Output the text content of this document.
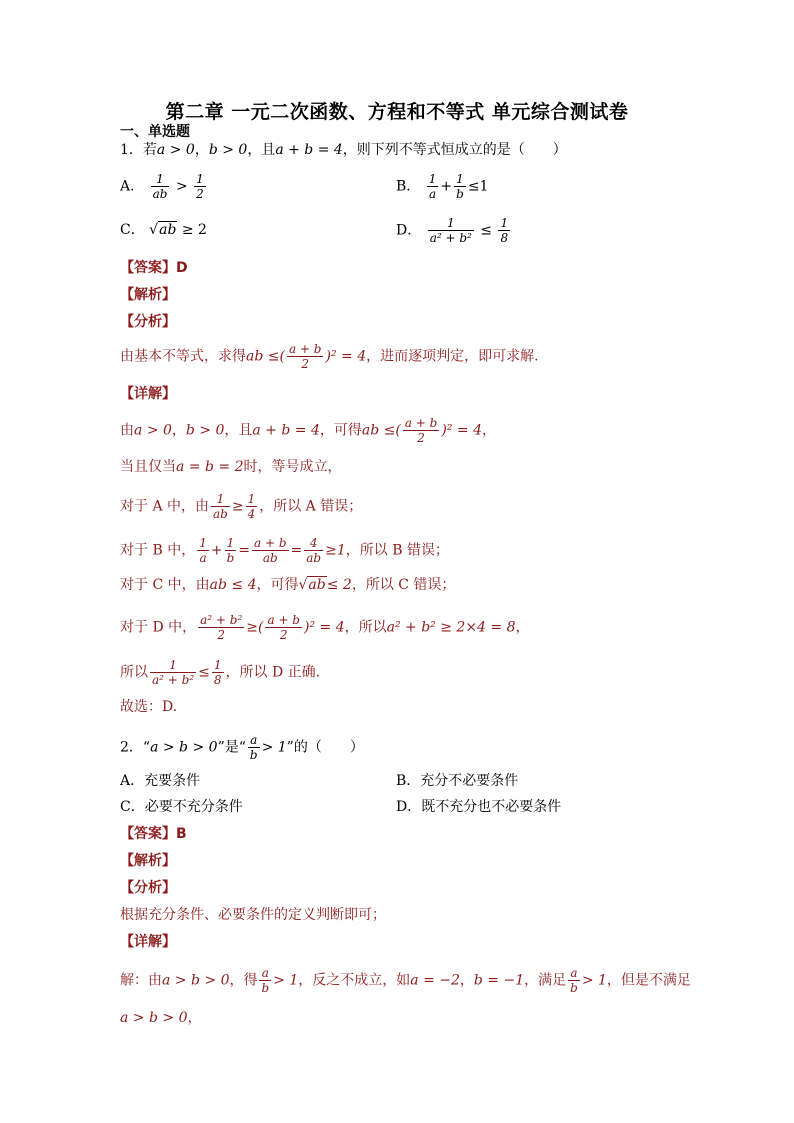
第二章 一元二次函数、方程和不等式 单元综合测试卷
一、单选题
1．若a > 0，b > 0，且a + b = 4，则下列不等式恒成立的是（　　）
A． $\frac{1}{ab} > \frac{1}{2}$	B． $\frac{1}{a} + \frac{1}{b} \le 1$
C． √ab ≥ 2	D． $\frac{1}{\text{a² + b²}} \le \frac{1}{8}$
【答案】D
【解析】
【分析】
由基本不等式，求得ab ≤( $\frac{a + b}{2} )^2 = 4$，进而逐项判定，即可求解.
【详解】
由a > 0，b > 0，且a + b = 4，可得ab ≤( $\frac{a + b}{2} )^2 = 4$，
当且仅当a = b = 2时，等号成立，
对于 A 中，由 $\frac{1}{ab} \ge \frac{1}{4}$ ，所以 A 错误；
对于 B 中， $\frac{1}{a} + \frac{1}{b} = \frac{a + b}{ab} = \frac{4}{ab} \ge 1$，所以 B 错误；
对于 C 中，由ab ≤ 4，可得√ab≤ 2，所以 C 错误；
对于 D 中， $\frac{\text{a² + b²}}{2}$ ≥( $\frac{a + b}{2} )^2 = 4$，所以a² + b² ≥ 2×4 = 8，
所以 $\frac{1}{\text{a² + b²}} \le \frac{1}{8}$ ，所以 D 正确.
故选：D.
2．“a > b > 0”是“ $\frac{a}{b} > 1$”的（　　）
A．充要条件	B．充分不必要条件
C．必要不充分条件	D．既不充分也不必要条件
【答案】B
【解析】
【分析】
根据充分条件、必要条件的定义判断即可；
【详解】
解：由a > b > 0，得 $\frac{a}{b} > 1$，反之不成立，如a = −2，b = −1，满足 $\frac{a}{b} > 1$，但是不满足
a > b > 0，
